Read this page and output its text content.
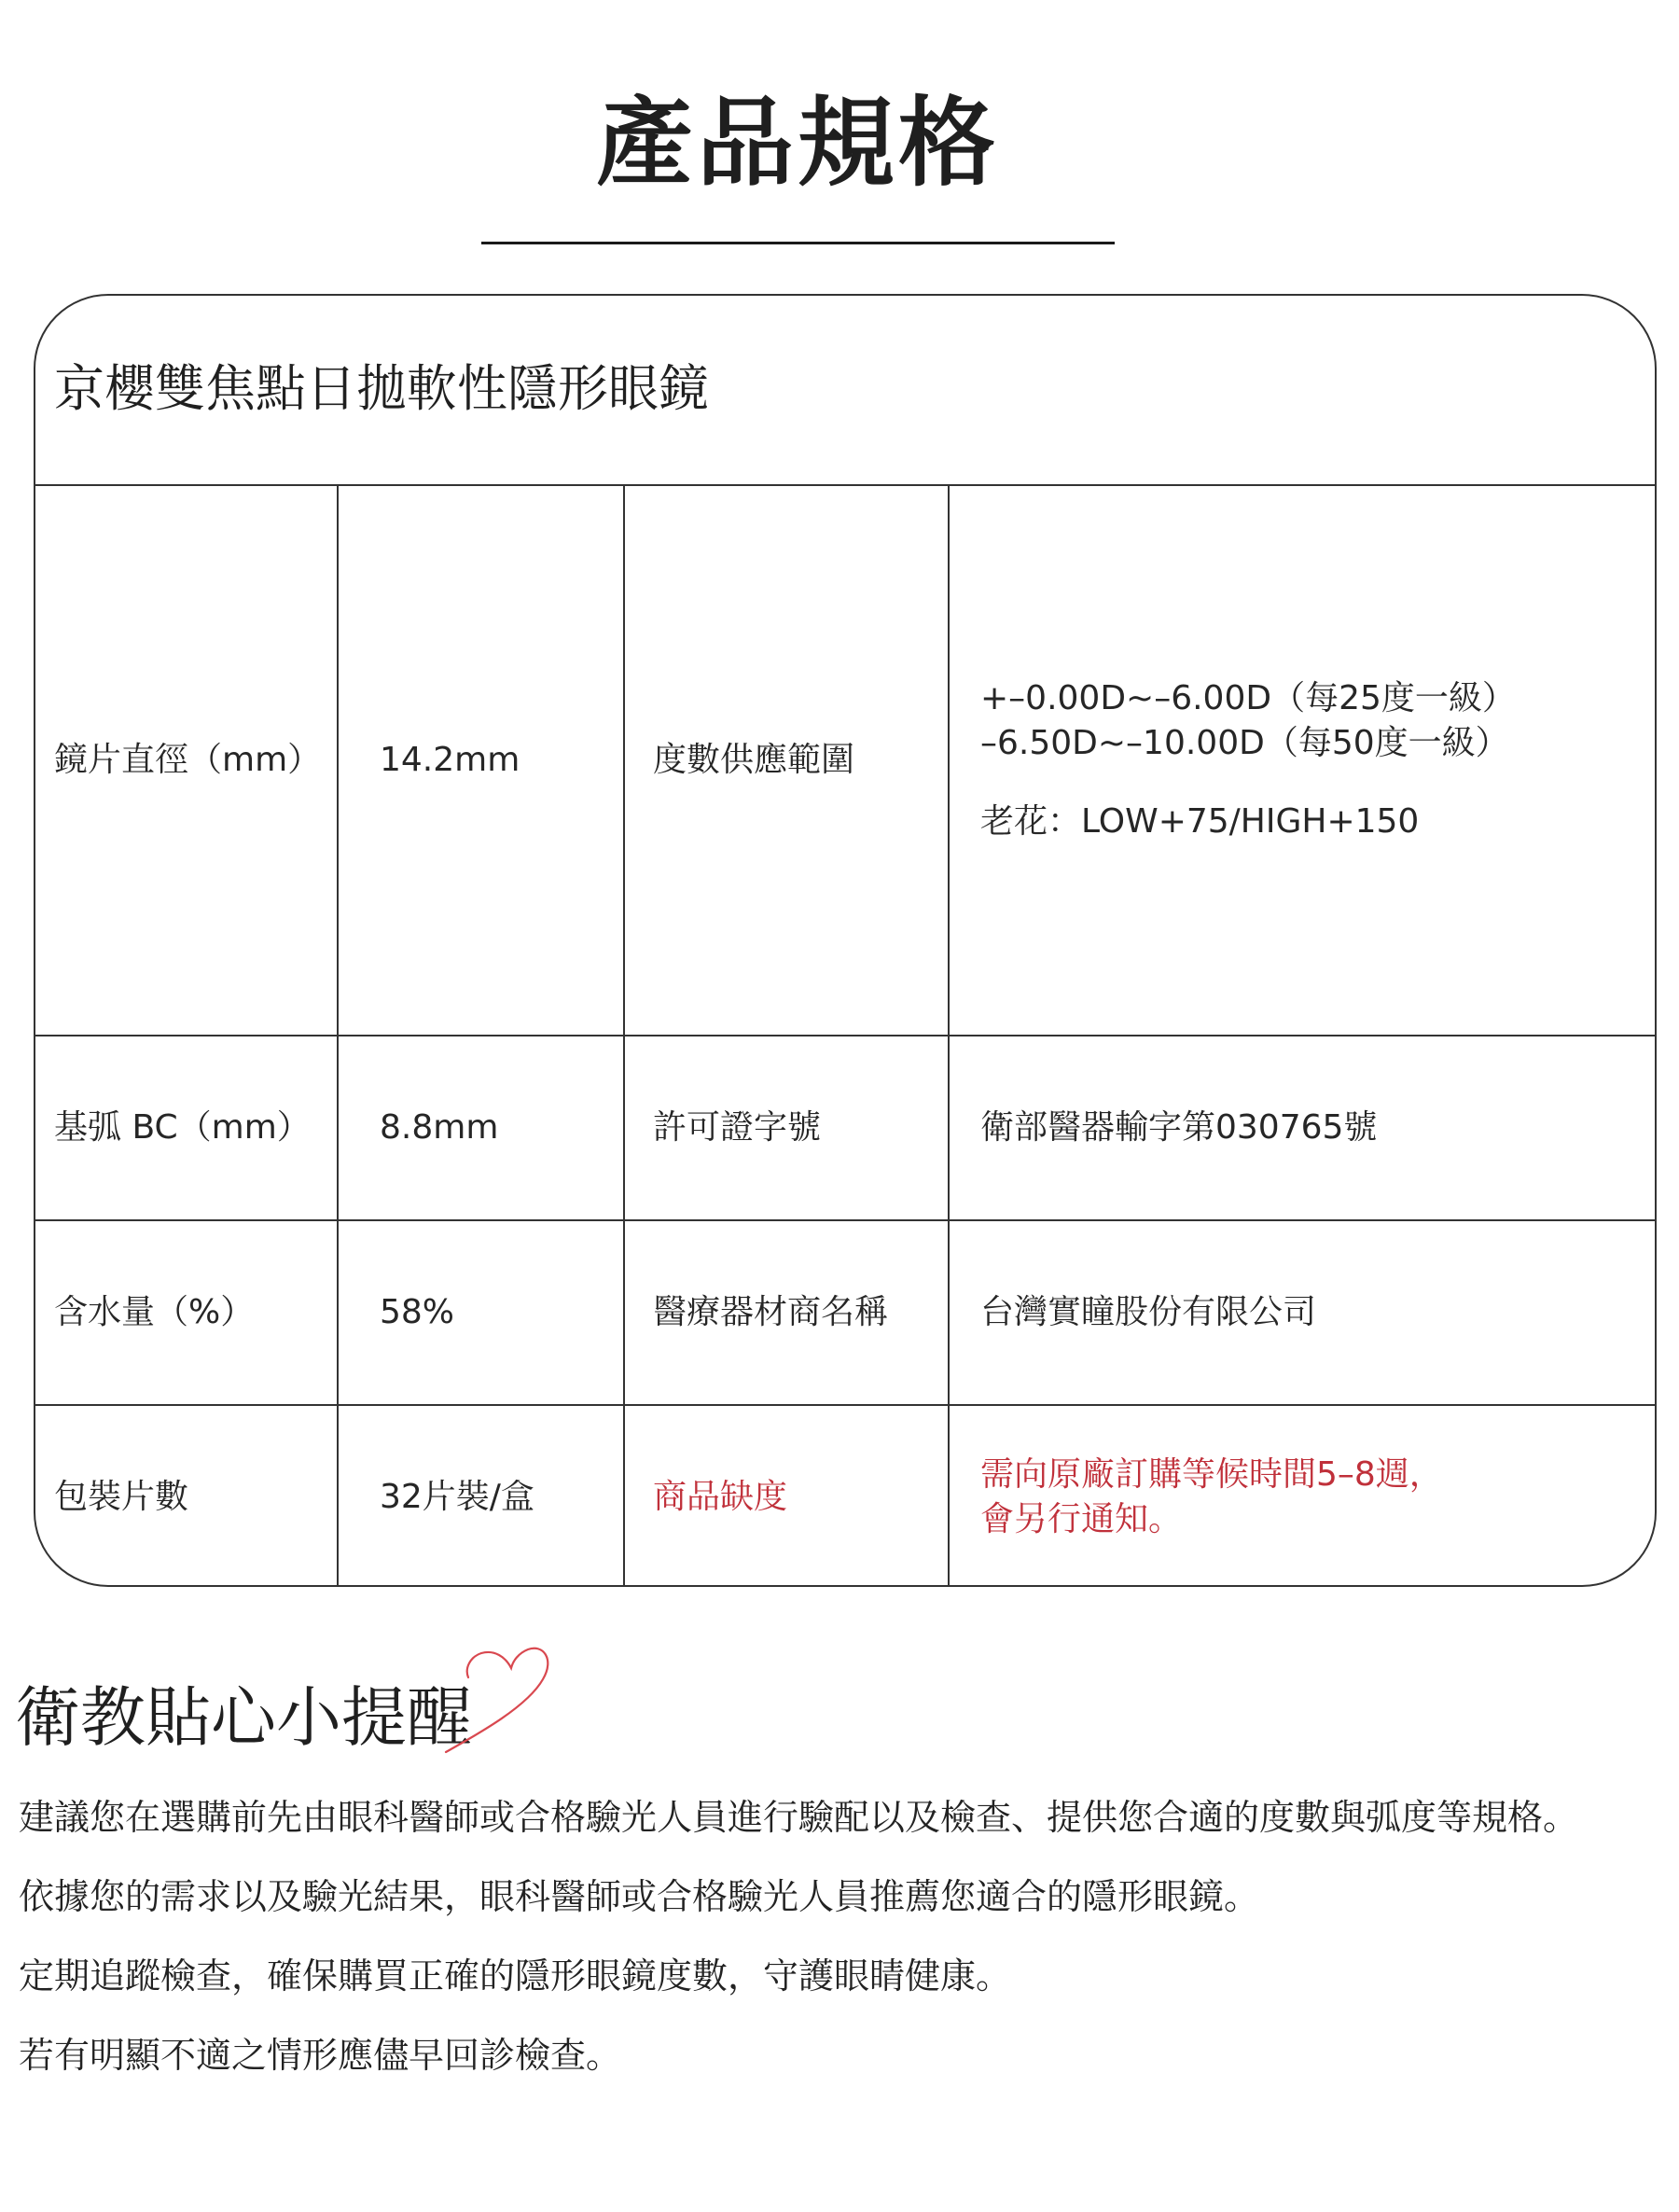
產品規格
京櫻雙焦點日拋軟性隱形眼鏡
鏡片直徑（mm）	14.2mm	度數供應範圍	+–0.00D~–6.00D（每25度一級）
–6.50D~–10.00D（每50度一級）
老花：LOW+75/HIGH+150

基弧 BC（mm）	8.8mm	許可證字號	衛部醫器輸字第030765號
含水量（%）	58%	醫療器材商名稱	台灣實瞳股份有限公司
包裝片數	32片裝/盒	商品缺度	需向原廠訂購等候時間5–8週，
會另行通知。
衛教貼心小提醒
建議您在選購前先由眼科醫師或合格驗光人員進行驗配以及檢查、提供您合適的度數與弧度等規格。
依據您的需求以及驗光結果，眼科醫師或合格驗光人員推薦您適合的隱形眼鏡。
定期追蹤檢查，確保購買正確的隱形眼鏡度數，守護眼睛健康。
若有明顯不適之情形應儘早回診檢查。
